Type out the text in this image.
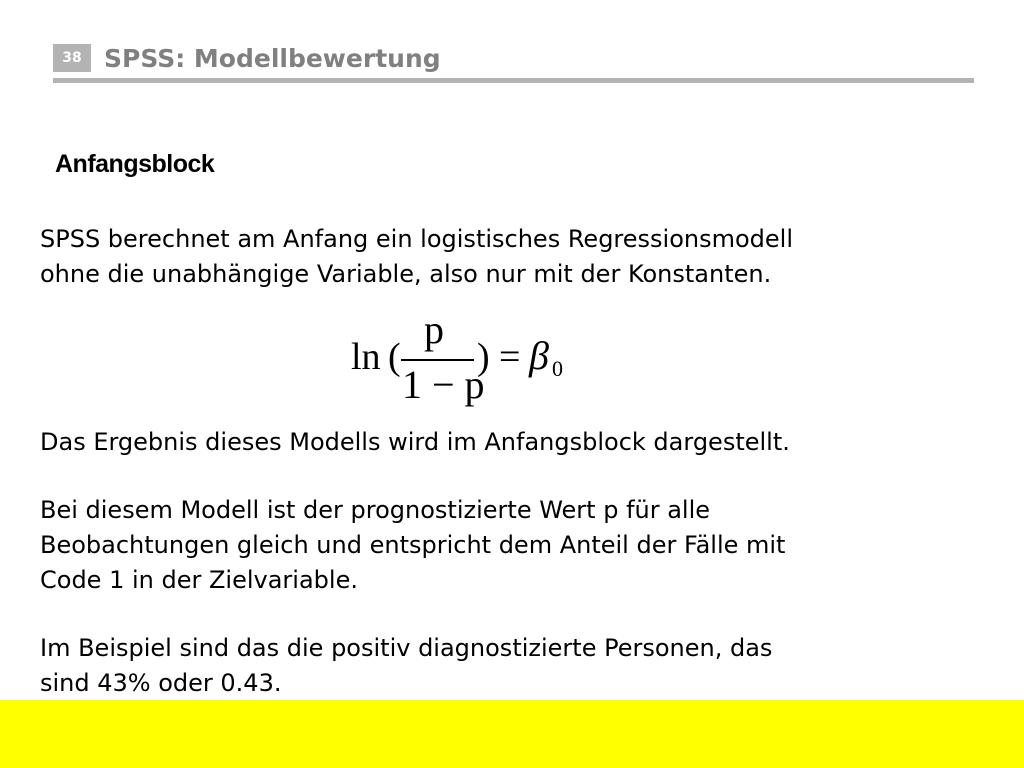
38 SPSS: Modellbewertung
Anfangsblock

SPSS berechnet am Anfang ein logistisches Regressionsmodell
ohne die unabhängige Variable, also nur mit der Konstanten.

ln (
p
1 − p
) = β 0

Das Ergebnis dieses Modells wird im Anfangsblock dargestellt.

Bei diesem Modell ist der prognostizierte Wert p für alle
Beobachtungen gleich und entspricht dem Anteil der Fälle mit
Code 1 in der Zielvariable.

Im Beispiel sind das die positiv diagnostizierte Personen, das
sind 43% oder 0.43.
